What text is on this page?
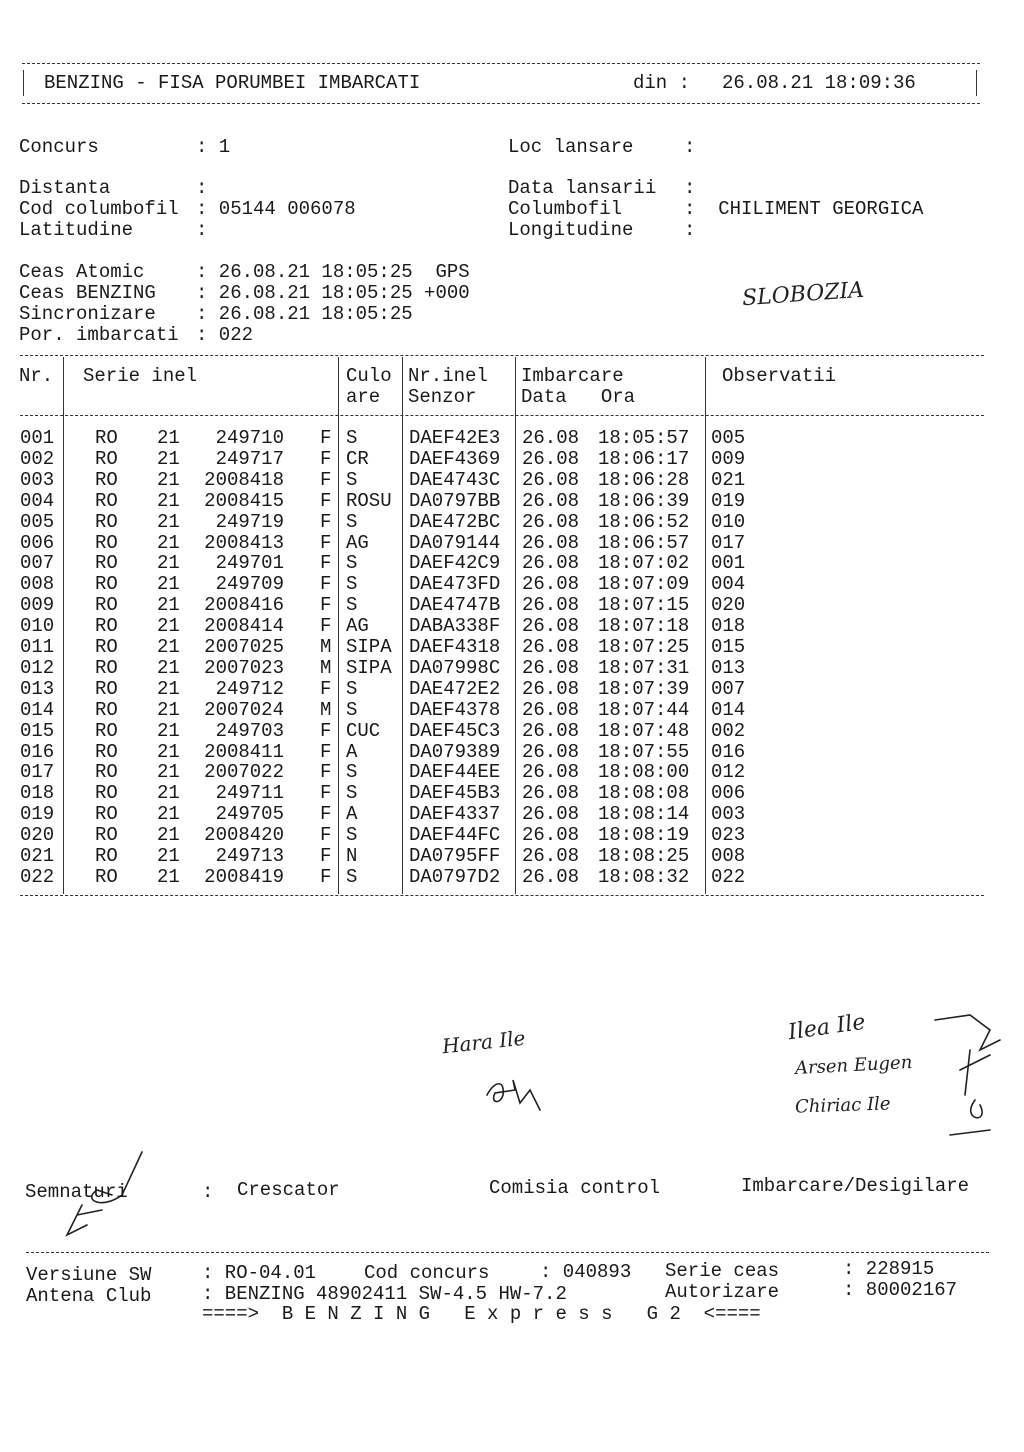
BENZING - FISA PORUMBEI IMBARCATI	din : 26.08.21 18:09:36
Concurs	: 1	Loc lansare	:
Distanta	:	Data lansarii :
Cod columbofil : 05144 006078	Columbofil	:  CHILIMENT GEORGICA
Latitudine	:	Longitudine	:
Ceas Atomic	: 26.08.21 18:05:25  GPS
Ceas BENZING : 26.08.21 18:05:25 +000
Sincronizare : 26.08.21 18:05:25
Por. imbarcati : 022
SLOBOZIA
Nr. Serie inel	Culo
are
Nr.inel
Senzor
Imbarcare
Data   Ora
Observatii
001 RO 21	249710 F S	DAEF42E3 26.08 18:05:57 005
002 RO 21	249717 F CR DAEF4369 26.08 18:06:17 009
003 RO 21	2008418 F S	DAE4743C 26.08 18:06:28 021
004 RO 21	2008415 F ROSU DA0797BB 26.08 18:06:39 019
005 RO 21	249719 F S	DAE472BC 26.08 18:06:52 010
006 RO 21	2008413 F AG DA079144 26.08 18:06:57 017
007 RO 21	249701 F S	DAEF42C9 26.08 18:07:02 001
008 RO 21	249709 F S	DAE473FD 26.08 18:07:09 004
009 RO 21	2008416 F S	DAE4747B 26.08 18:07:15 020
010 RO 21	2008414 F AG DABA338F 26.08 18:07:18 018
011 RO 21	2007025 M SIPA DAEF4318 26.08 18:07:25 015
012 RO 21	2007023 M SIPA DA07998C 26.08 18:07:31 013
013 RO 21	249712 F S	DAE472E2 26.08 18:07:39 007
014 RO 21	2007024 M S	DAEF4378 26.08 18:07:44 014
015 RO 21	249703 F CUC DAEF45C3 26.08 18:07:48 002
016 RO 21	2008411 F A	DA079389 26.08 18:07:55 016
017 RO 21	2007022 F S	DAEF44EE 26.08 18:08:00 012
018 RO 21	249711 F S	DAEF45B3 26.08 18:08:08 006
019 RO 21	249705 F A	DAEF4337 26.08 18:08:14 003
020 RO 21	2008420 F S	DAEF44FC 26.08 18:08:19 023
021 RO 21	249713 F N	DA0795FF 26.08 18:08:25 008
022 RO 21	2008419 F S	DA0797D2 26.08 18:08:32 022
Hara Ile	Ilea Ile
Arsen Eugen
Chiriac Ile
Semnaturi	: Crescator	Comisia control	Imbarcare/Desigilare
Versiune SW	: RO-04.01	Cod concurs	: 040893 Serie ceas	: 228915
Antena Club	: BENZING 48902411 SW-4.5 HW-7.2	Autorizare	: 80002167
====>  B E N Z I N G   E x p r e s s   G 2  <====
